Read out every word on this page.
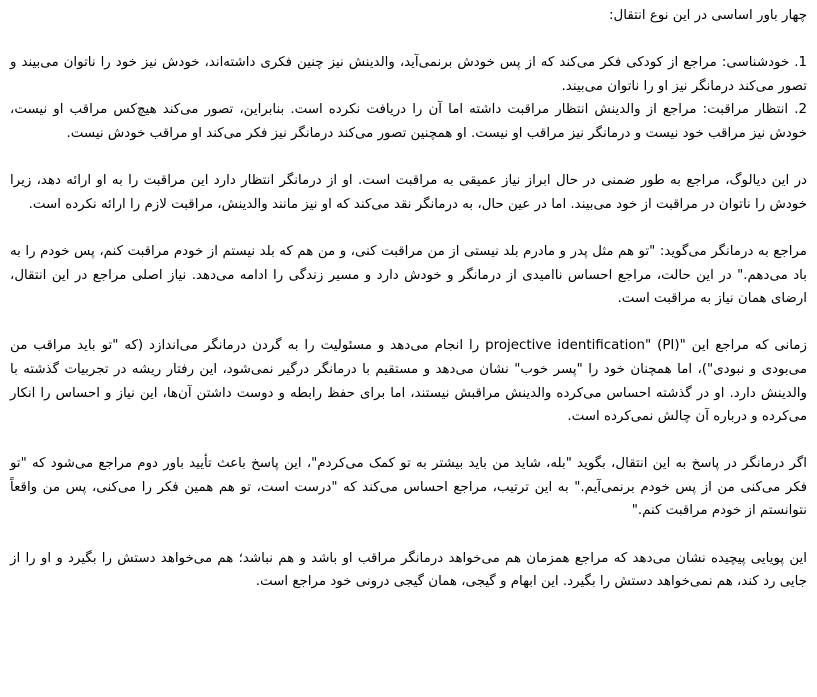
چهار باور اساسی در این نوع انتقال:

1. خودشناسی: مراجع از کودکی فکر می‌کند که از پس خودش برنمی‌آید، والدینش نیز چنین فکری داشته‌اند، خودش نیز خود را ناتوان می‌بیند و تصور می‌کند درمانگر نیز او را ناتوان می‌بیند.

2. انتظار مراقبت: مراجع از والدینش انتظار مراقبت داشته اما آن را دریافت نکرده است. بنابراین، تصور می‌کند هیچ‌کس مراقب او نیست، خودش نیز مراقب خود نیست و درمانگر نیز مراقب او نیست. او همچنین تصور می‌کند درمانگر نیز فکر می‌کند او مراقب خودش نیست.

در این دیالوگ، مراجع به طور ضمنی در حال ابراز نیاز عمیقی به مراقبت است. او از درمانگر انتظار دارد این مراقبت را به او ارائه دهد، زیرا خودش را ناتوان در مراقبت از خود می‌بیند. اما در عین حال، به درمانگر نقد می‌کند که او نیز مانند والدینش، مراقبت لازم را ارائه نکرده است.

مراجع به درمانگر می‌گوید: "تو هم مثل پدر و مادرم بلد نیستی از من مراقبت کنی، و من هم که بلد نیستم از خودم مراقبت کنم، پس خودم را به باد می‌دهم." در این حالت، مراجع احساس ناامیدی از درمانگر و خودش دارد و مسیر زندگی را ادامه می‌دهد. نیاز اصلی مراجع در این انتقال، ارضای همان نیاز به مراقبت است.

زمانی که مراجع این "projective identification" (PI) را انجام می‌دهد و مسئولیت را به گردن درمانگر می‌اندازد (که "تو باید مراقب من می‌بودی و نبودی")، اما همچنان خود را "پسر خوب" نشان می‌دهد و مستقیم با درمانگر درگیر نمی‌شود، این رفتار ریشه در تجربیات گذشته با والدینش دارد. او در گذشته احساس می‌کرده والدینش مراقبش نیستند، اما برای حفظ رابطه و دوست داشتن آن‌ها، این نیاز و احساس را انکار می‌کرده و درباره آن چالش نمی‌کرده است.

اگر درمانگر در پاسخ به این انتقال، بگوید "بله، شاید من باید بیشتر به تو کمک می‌کردم"، این پاسخ باعث تأیید باور دوم مراجع می‌شود که "تو فکر می‌کنی من از پس خودم برنمی‌آیم." به این ترتیب، مراجع احساس می‌کند که "درست است، تو هم همین فکر را می‌کنی، پس من واقعاً نتوانستم از خودم مراقبت کنم."

این پویایی پیچیده نشان می‌دهد که مراجع همزمان هم می‌خواهد درمانگر مراقب او باشد و هم نباشد؛ هم می‌خواهد دستش را بگیرد و او را از جایی رد کند، هم نمی‌خواهد دستش را بگیرد. این ابهام و گیجی، همان گیجی درونی خود مراجع است.
